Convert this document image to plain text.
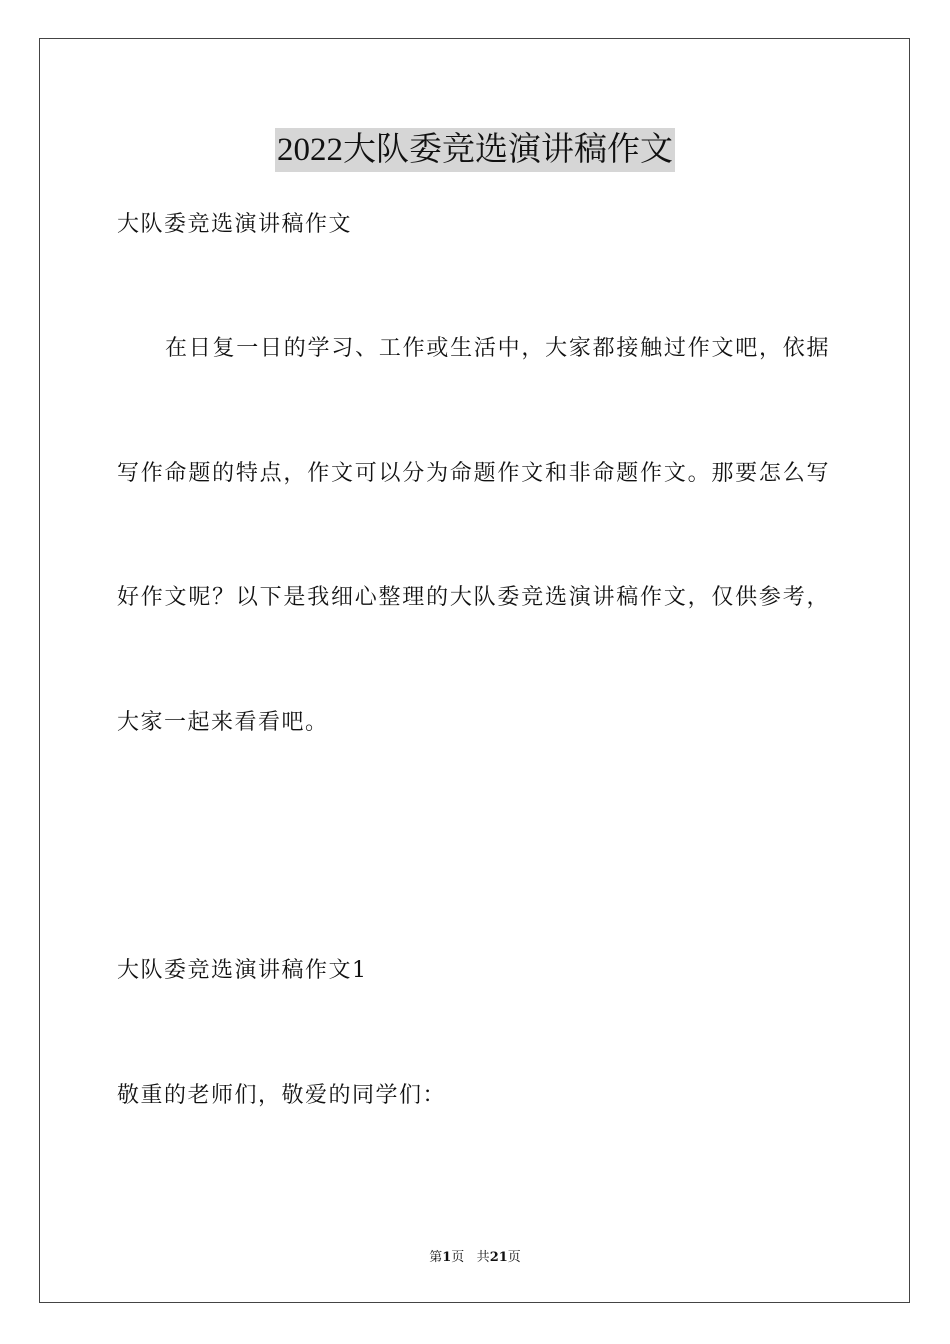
2022大队委竞选演讲稿作文
大队委竞选演讲稿作文
在日复一日的学习、工作或生活中，大家都接触过作文吧，依据
写作命题的特点，作文可以分为命题作文和非命题作文。那要怎么写
好作文呢？以下是我细心整理的大队委竞选演讲稿作文，仅供参考，
大家一起来看看吧。
大队委竞选演讲稿作文1
敬重的老师们，敬爱的同学们：
第1页 共21页
